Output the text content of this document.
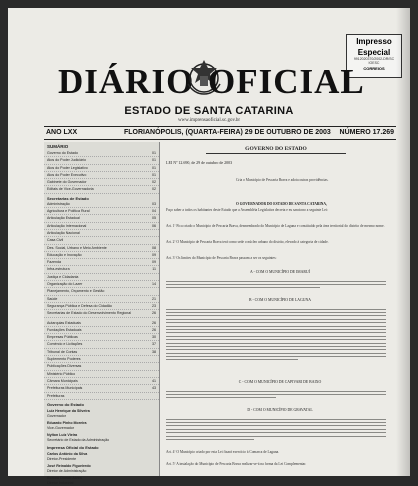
Impresso
Especial
9912020370/2002-DR/SC
IOESC
CORREIOS
DIÁRIO OFICIAL
ESTADO DE SANTA CATARINA
www.imprensaoficial.sc.gov.br
ANO LXX	FLORIANÓPOLIS, (QUARTA-FEIRA) 29 DE OUTUBRO DE 2003 NÚMERO 17.269
SUMÁRIO
Governo do Estado	01
Atos do Poder Judiciário	01
Atos do Poder Legislativo	01
Atos do Poder Executivo	01
Gabinete do Governador	02
Editais de Vice-Governadoria	02
Secretarias de Estado
Administração	03
Agricultura e Política Rural	04
Articulação Estadual	05
Articulação Internacional	06
Articulação Nacional
Casa Civil
Des. Social, Urbano e Meio Ambiente	08
Educação e Inovação	09
Fazenda	09
Infra-estrutura	11
Justiça e Cidadania
Organização do Lazer	14
Planejamento, Orçamento e Gestão
Saúde	21
Segurança Pública e Defesa do Cidadão	23
Secretarias de Estado do Desenvolvimento Regional	26
Autarquias Estaduais	26
Fundações Estaduais	26
Empresas Públicas	30
Comércio e Licitações	37
Tribunal de Contas	38
Suplemento Poderes
Publicações Diversas
Ministério Público
Câmara Municipais	41
Prefeituras Municipais	43
Prefeituras
Governo do Estado
Luiz Henrique da Silveira
Governador
Eduardo Pinho Moreira
Vice-Governador
Nylton Luiz Vieira
Secretário de Estado da Administração
Imprensa Oficial do Estado
Carlos Antônio da Silva
Diretor-Presidente
José Reinaldo Figueiredo
Diretor de Administração
Romeu Donati Alves
Diretor Industrial
GOVERNO DO ESTADO
LEI Nº 12.690, de 29 de outubro de 2003
Cria o Município de Pescaria Brava e adota outras providências.
O GOVERNADOR DO ESTADO DE SANTA CATARINA,
Faço saber a todos os habitantes deste Estado que a Assembléia Legislativa decreta e eu sanciono a seguinte Lei:
Art. 1º Fica criado o Município de Pescaria Brava, desmembrado do Município de Laguna e constituído pela área territorial do distrito de mesmo nome.
Art. 2º O Município de Pescaria Brava terá como sede o núcleo urbano do distrito, elevado à categoria de cidade.
Art. 3º Os limites do Município de Pescaria Brava passam a ser os seguintes:
A - COM O MUNICÍPIO DE IMARUÍ
B - COM O MUNICÍPIO DE LAGUNA
C - COM O MUNICÍPIO DE CAPIVARI DE BAIXO
D - COM O MUNICÍPIO DE GRAVATAL
Art. 4º O Município criado por esta Lei fixará exercício à Comarca de Laguna.
Art. 5º A instalação do Município de Pescaria Brava realizar-se-á na forma da Lei Complementar.
